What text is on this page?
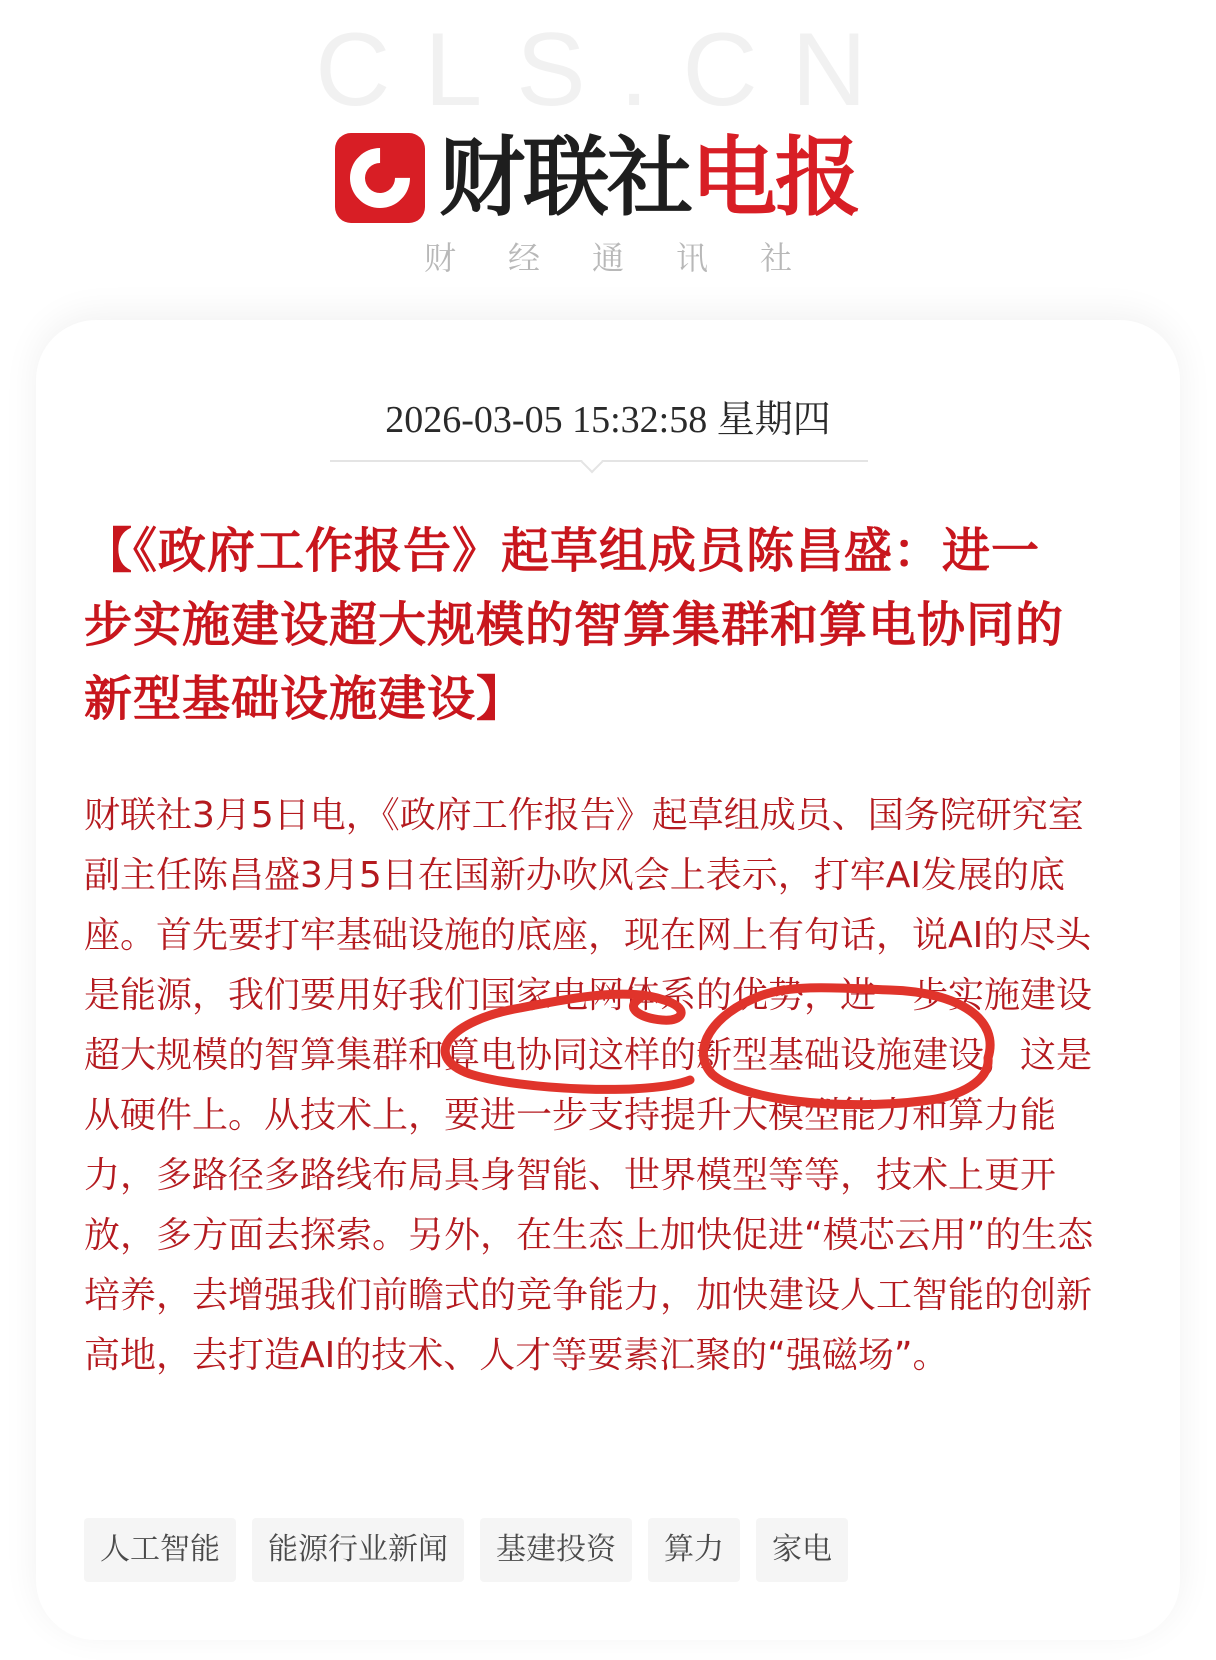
CLS.CN
财联社 电报
财经通讯社
2026-03-05 15:32:58 星期四
【《政府工作报告》起草组成员陈昌盛：进一步实施建设超大规模的智算集群和算电协同的新型基础设施建设】
财联社3月5日电，《政府工作报告》起草组成员、国务院研究室副主任陈昌盛3月5日在国新办吹风会上表示，打牢AI发展的底座。首先要打牢基础设施的底座，现在网上有句话，说AI的尽头是能源，我们要用好我们国家电网体系的优势，进一步实施建设超大规模的智算集群和算电协同这样的新型基础设施建设，这是从硬件上。从技术上，要进一步支持提升大模型能力和算力能力，多路径多路线布局具身智能、世界模型等等，技术上更开放，多方面去探索。另外，在生态上加快促进“模芯云用”的生态培养，去增强我们前瞻式的竞争能力，加快建设人工智能的创新高地，去打造AI的技术、人才等要素汇聚的“强磁场”。
人工智能	能源行业新闻	基建投资	算力	家电
